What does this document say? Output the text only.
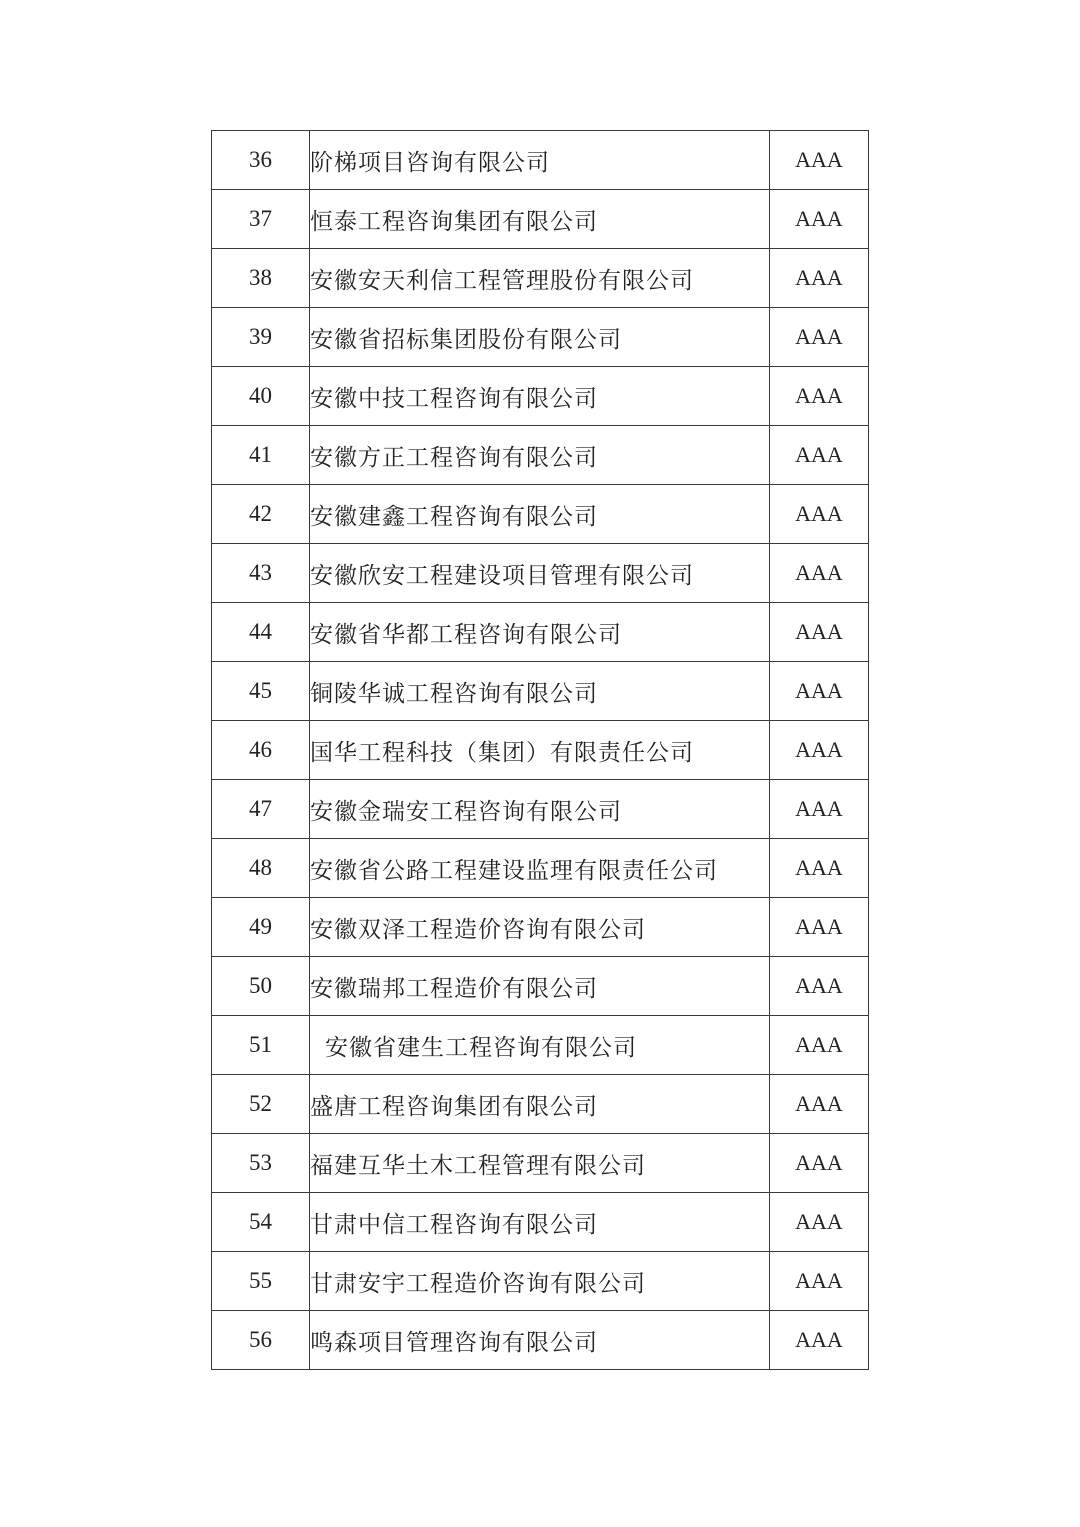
36	阶梯项目咨询有限公司	AAA
37	恒泰工程咨询集团有限公司	AAA
38	安徽安天利信工程管理股份有限公司	AAA
39	安徽省招标集团股份有限公司	AAA
40	安徽中技工程咨询有限公司	AAA
41	安徽方正工程咨询有限公司	AAA
42	安徽建鑫工程咨询有限公司	AAA
43	安徽欣安工程建设项目管理有限公司	AAA
44	安徽省华都工程咨询有限公司	AAA
45	铜陵华诚工程咨询有限公司	AAA
46	国华工程科技（集团）有限责任公司	AAA
47	安徽金瑞安工程咨询有限公司	AAA
48	安徽省公路工程建设监理有限责任公司	AAA
49	安徽双泽工程造价咨询有限公司	AAA
50	安徽瑞邦工程造价有限公司	AAA
51	安徽省建生工程咨询有限公司	AAA
52	盛唐工程咨询集团有限公司	AAA
53	福建互华土木工程管理有限公司	AAA
54	甘肃中信工程咨询有限公司	AAA
55	甘肃安宇工程造价咨询有限公司	AAA
56	鸣森项目管理咨询有限公司	AAA
